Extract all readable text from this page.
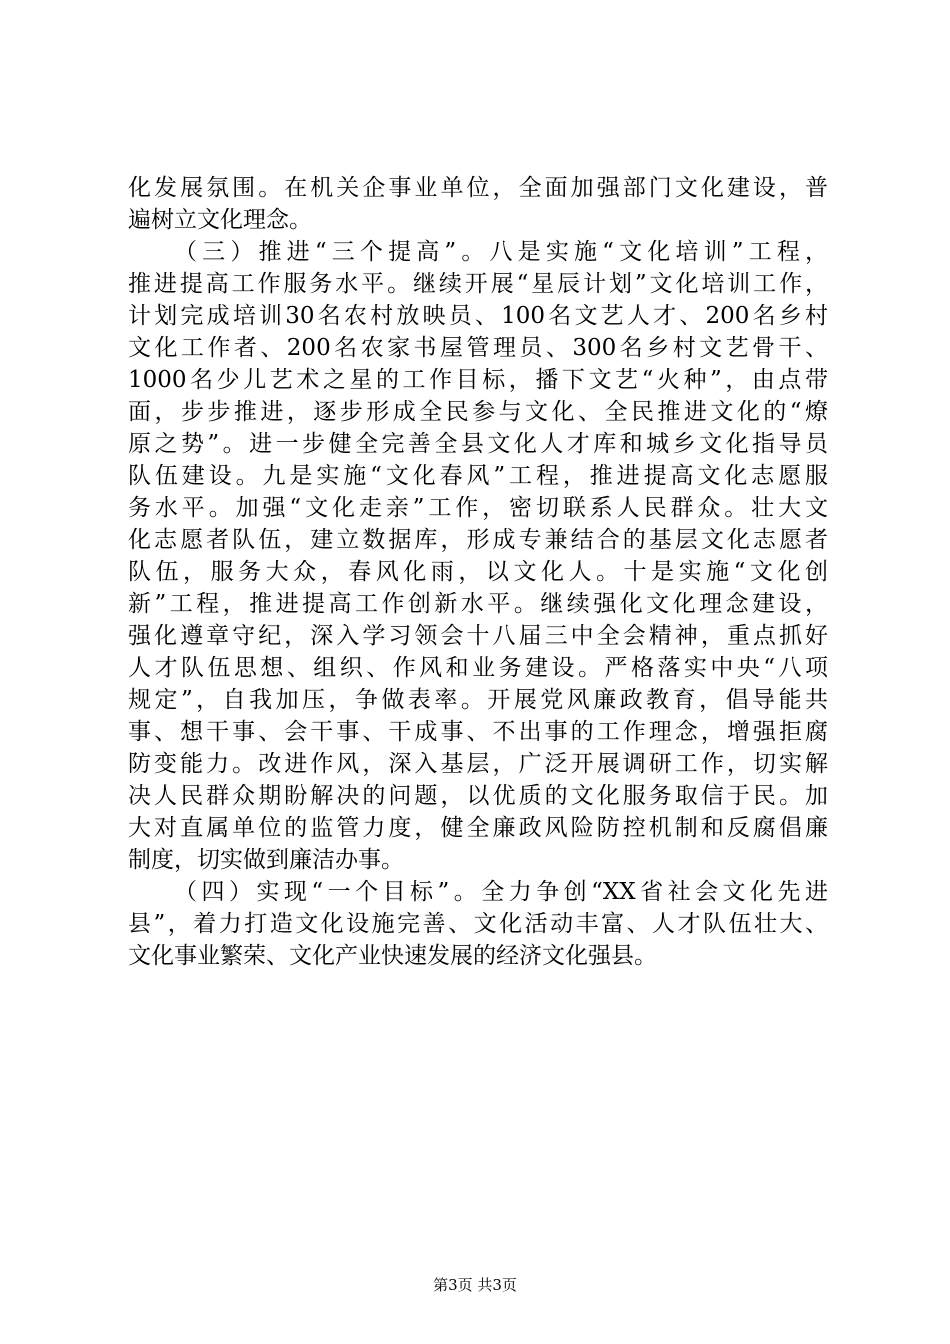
化发展氛围。在机关企事业单位，全面加强部门文化建设，普
遍树立文化理念。
（三）推进“三个提高”。八是实施“文化培训”工程，
推进提高工作服务水平。继续开展“星辰计划”文化培训工作，
计划完成培训30名农村放映员、100名文艺人才、200名乡村
文化工作者、200名农家书屋管理员、300名乡村文艺骨干、
1000名少儿艺术之星的工作目标，播下文艺“火种”，由点带
面，步步推进，逐步形成全民参与文化、全民推进文化的“燎
原之势”。进一步健全完善全县文化人才库和城乡文化指导员
队伍建设。九是实施“文化春风”工程，推进提高文化志愿服
务水平。加强“文化走亲”工作，密切联系人民群众。壮大文
化志愿者队伍，建立数据库，形成专兼结合的基层文化志愿者
队伍，服务大众，春风化雨，以文化人。十是实施“文化创
新”工程，推进提高工作创新水平。继续强化文化理念建设，
强化遵章守纪，深入学习领会十八届三中全会精神，重点抓好
人才队伍思想、组织、作风和业务建设。严格落实中央“八项
规定”，自我加压，争做表率。开展党风廉政教育，倡导能共
事、想干事、会干事、干成事、不出事的工作理念，增强拒腐
防变能力。改进作风，深入基层，广泛开展调研工作，切实解
决人民群众期盼解决的问题，以优质的文化服务取信于民。加
大对直属单位的监管力度，健全廉政风险防控机制和反腐倡廉
制度，切实做到廉洁办事。
（四）实现“一个目标”。全力争创“XX省社会文化先进
县”，着力打造文化设施完善、文化活动丰富、人才队伍壮大、
文化事业繁荣、文化产业快速发展的经济文化强县。
第3页 共3页
